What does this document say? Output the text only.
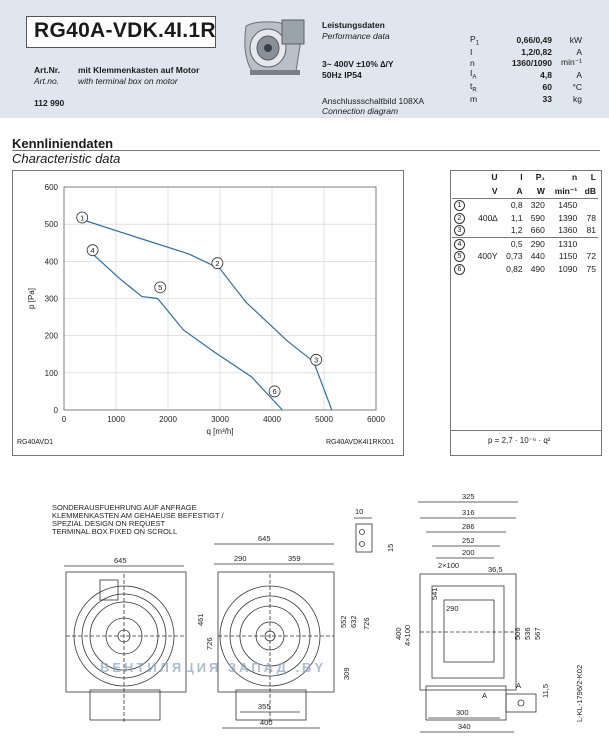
RG40A-VDK.4I.1R
Art.Nr. mit Klemmenkasten auf Motor
Art.no. with terminal box on motor
112 990
Leistungsdaten
Performance data
3~ 400V ±10% ∆/Y
50Hz IP54
Anschlussschaltbild 108XA
Connection diagram
$P_1$	0,66/0,49	kW
I	1,2/0,82	A
n	1360/1090	min⁻¹
$I_A$	4,8	A
$t_R$	60	°C
m	33	kg
Kennliniendaten
Characteristic data
0	1000	2000	3000	4000	5000	6000
0
100
200
300
400
500
600
q [m³/h]
p [Pa]
1
2
3
4
5
6
RG40AVD1	RG40AVDK4I1RK001
	U	I	P₁	n	L
	V	A	W	min⁻¹	dB
1		0,8	320	1450	
2	400∆	1,1	590	1390	78
3		1,2	660	1360	81
4		0,5	290	1310	
5	400Y	0,73	440	1150	72
6		0,82	490	1090	75
p = 2,7 · 10⁻⁶ · q²
SONDERAUSFUEHRUNG AUF ANFRAGE
KLEMMENKASTEN AM GEHAEUSE BEFESTIGT /
SPEZIAL DESIGN ON REQUEST
TERMINAL BOX FIXED ON SCROLL
645
645
290	359
461	552 632 726
726
309
355
400
10
15
325
316
286
252
200
2×100	36,5
400 4×100
541
290
506 536 567
300
340
A
A	11,5	L-KL-1796/2-K02
ВЕНТИЛЯЦИЯ ЗАПАД .BY
